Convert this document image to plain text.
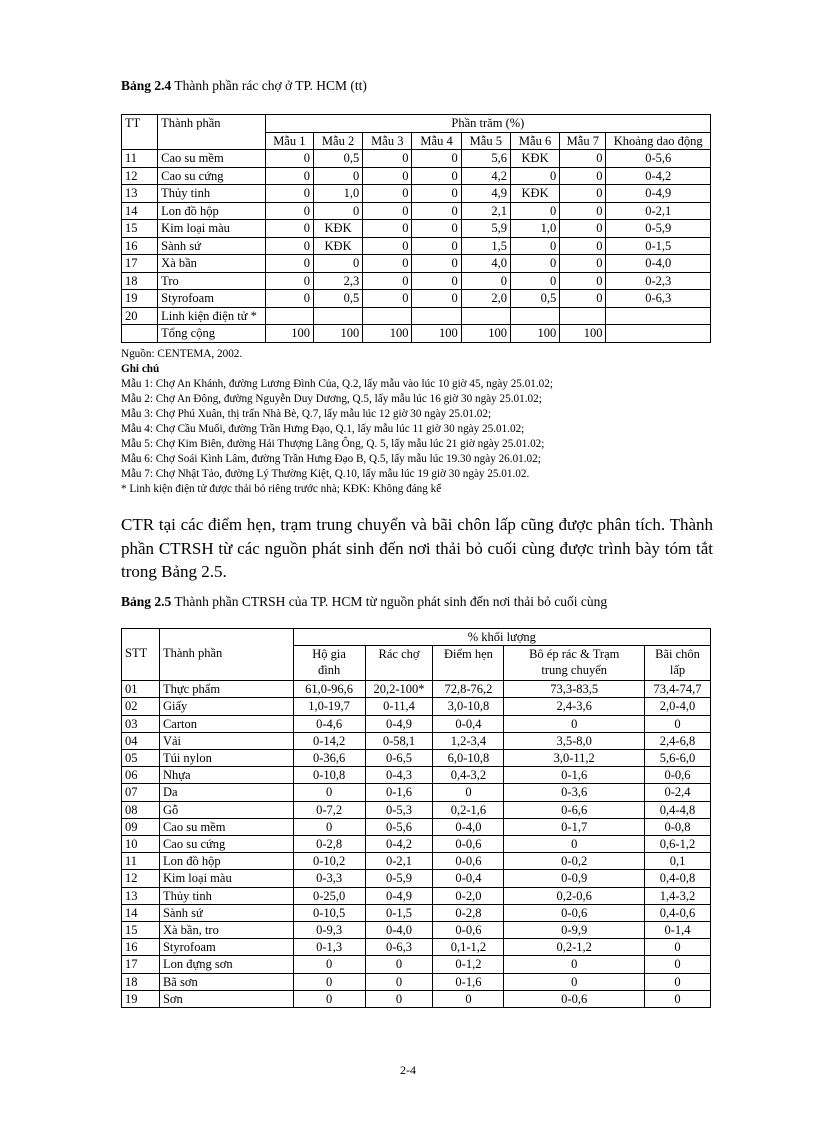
Bảng 2.4 Thành phần rác chợ ở TP. HCM (tt)
TT	Thành phần	Phần trăm (%)							
		Mẫu 1	Mẫu 2	Mẫu 3	Mẫu 4	Mẫu 5	Mẫu 6	Mẫu 7	Khoảng dao động
11	Cao su mềm	0	0,5	0	0	5,6	KĐK	0	0-5,6
12	Cao su cứng	0	0	0	0	4,2	0	0	0-4,2
13	Thủy tinh	0	1,0	0	0	4,9	KĐK	0	0-4,9
14	Lon đồ hộp	0	0	0	0	2,1	0	0	0-2,1
15	Kim loại màu	0	KĐK	0	0	5,9	1,0	0	0-5,9
16	Sành sứ	0	KĐK	0	0	1,5	0	0	0-1,5
17	Xà bần	0	0	0	0	4,0	0	0	0-4,0
18	Tro	0	2,3	0	0	0	0	0	0-2,3
19	Styrofoam	0	0,5	0	0	2,0	0,5	0	0-6,3
20	Linh kiện điện tử *								
	Tổng cộng	100	100	100	100	100	100	100	
Nguồn: CENTEMA, 2002.
Ghi chú
Mẫu 1: Chợ An Khánh, đường Lương Đình Của, Q.2, lấy mẫu vào lúc 10 giờ 45, ngày 25.01.02;
Mẫu 2: Chợ An Đông, đường Nguyễn Duy Dương, Q.5, lấy mẫu lúc 16 giờ 30 ngày 25.01.02;
Mẫu 3: Chợ Phú Xuân, thị trấn Nhà Bè, Q.7, lấy mẫu lúc 12 giờ 30 ngày 25.01.02;
Mẫu 4: Chợ Cầu Muối, đường Trần Hưng Đạo, Q.1, lấy mẫu lúc 11 giờ 30 ngày 25.01.02;
Mẫu 5: Chợ Kim Biên, đường Hải Thượng Lãng Ông, Q. 5, lấy mẫu lúc 21 giờ ngày 25.01.02;
Mẫu 6: Chợ Soái Kình Lâm, đường Trần Hưng Đạo B, Q.5, lấy mẫu lúc 19.30 ngày 26.01.02;
Mẫu 7: Chợ Nhật Tảo, đường Lý Thường Kiệt, Q.10, lấy mẫu lúc 19 giờ 30 ngày 25.01.02.
* Linh kiện điện tử được thải bỏ riêng trước nhà; KĐK: Không đáng kể
CTR tại các điểm hẹn, trạm trung chuyển và bãi chôn lấp cũng được phân tích. Thành phần CTRSH từ các nguồn phát sinh đến nơi thải bỏ cuối cùng được trình bày tóm tắt trong Bảng 2.5.
Bảng 2.5 Thành phần CTRSH của TP. HCM từ nguồn phát sinh đến nơi thải bỏ cuối cùng
STT	Thành phần	% khối lượng				
		Hộ gia đình	Rác chợ	Điểm hẹn	Bô ép rác & Trạm trung chuyển	Bãi chôn lấp
01	Thực phẩm	61,0-96,6	20,2-100*	72,8-76,2	73,3-83,5	73,4-74,7
02	Giấy	1,0-19,7	0-11,4	3,0-10,8	2,4-3,6	2,0-4,0
03	Carton	0-4,6	0-4,9	0-0,4	0	0
04	Vải	0-14,2	0-58,1	1,2-3,4	3,5-8,0	2,4-6,8
05	Túi nylon	0-36,6	0-6,5	6,0-10,8	3,0-11,2	5,6-6,0
06	Nhựa	0-10,8	0-4,3	0,4-3,2	0-1,6	0-0,6
07	Da	0	0-1,6	0	0-3,6	0-2,4
08	Gỗ	0-7,2	0-5,3	0,2-1,6	0-6,6	0,4-4,8
09	Cao su mềm	0	0-5,6	0-4,0	0-1,7	0-0,8
10	Cao su cứng	0-2,8	0-4,2	0-0,6	0	0,6-1,2
11	Lon đồ hộp	0-10,2	0-2,1	0-0,6	0-0,2	0,1
12	Kim loại màu	0-3,3	0-5,9	0-0,4	0-0,9	0,4-0,8
13	Thủy tinh	0-25,0	0-4,9	0-2,0	0,2-0,6	1,4-3,2
14	Sành sứ	0-10,5	0-1,5	0-2,8	0-0,6	0,4-0,6
15	Xà bần, tro	0-9,3	0-4,0	0-0,6	0-9,9	0-1,4
16	Styrofoam	0-1,3	0-6,3	0,1-1,2	0,2-1,2	0
17	Lon đựng sơn	0	0	0-1,2	0	0
18	Bã sơn	0	0	0-1,6	0	0
19	Sơn	0	0	0	0-0,6	0
2-4
